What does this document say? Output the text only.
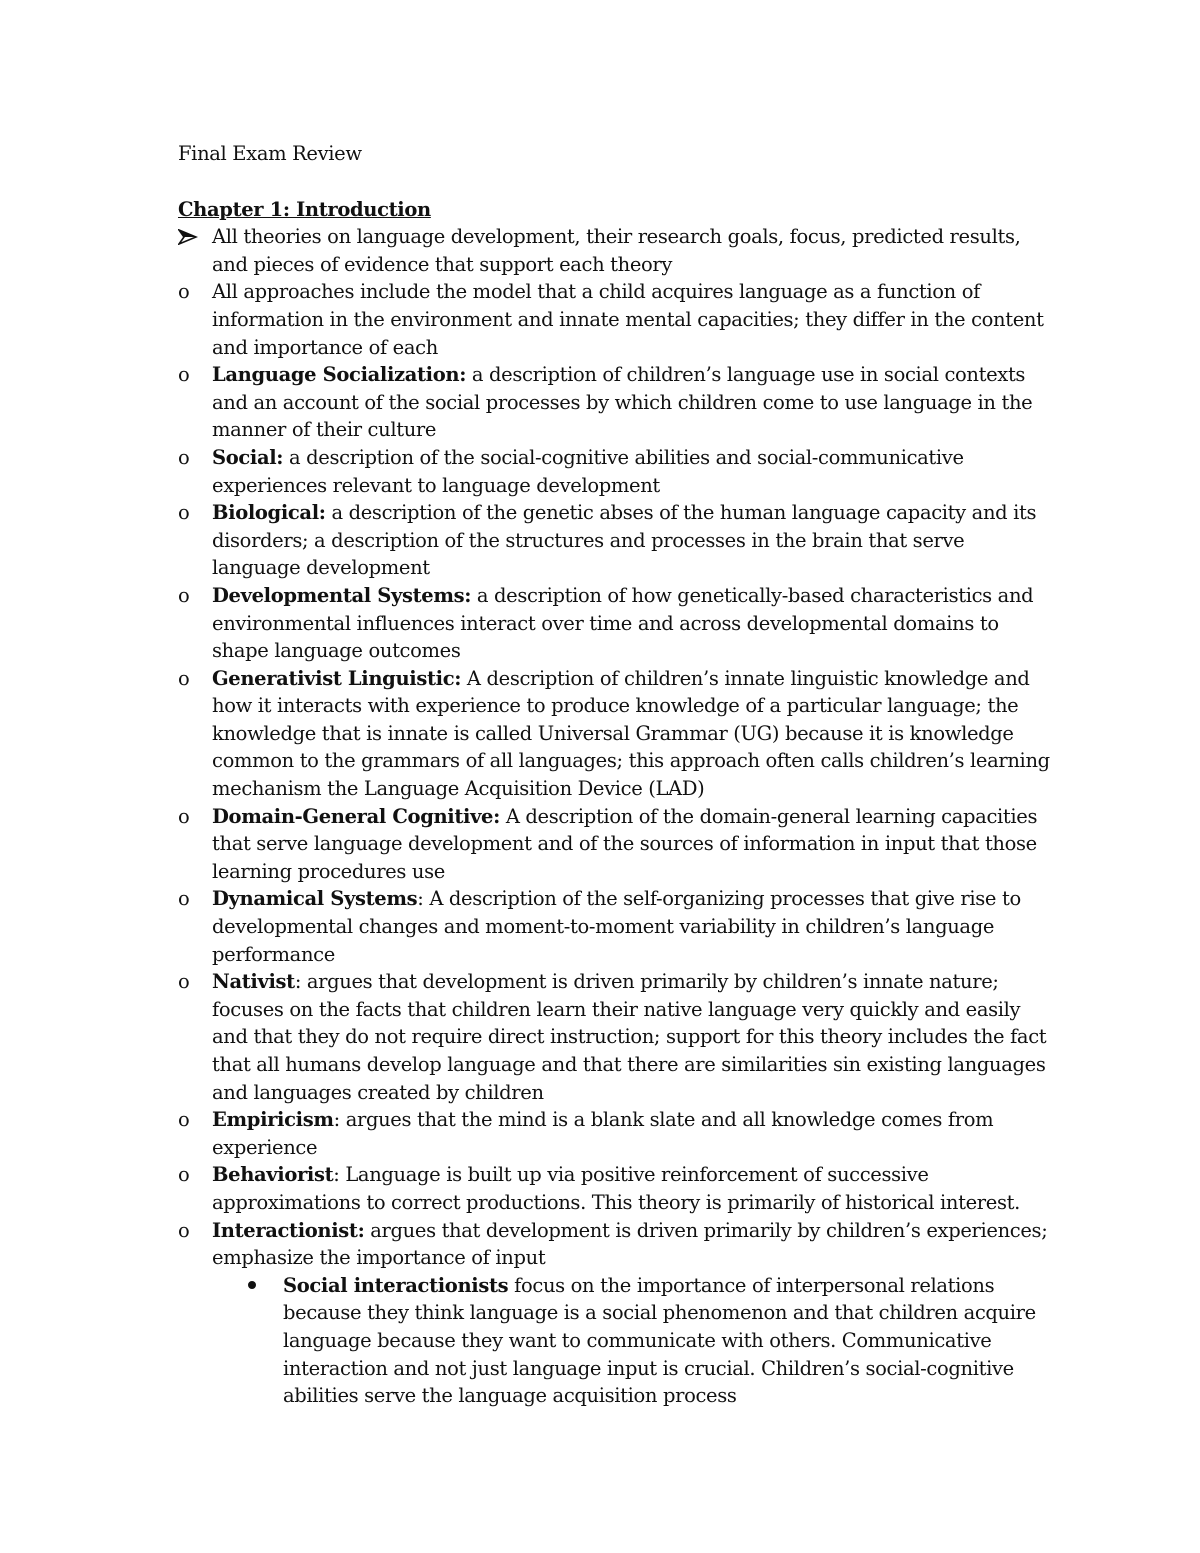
Final Exam Review

Chapter 1: Introduction

All theories on language development, their research goals, focus, predicted results, and pieces of evidence that support each theory
o	All approaches include the model that a child acquires language as a function of information in the environment and innate mental capacities; they differ in the content and importance of each
o	Language Socialization: a description of children’s language use in social contexts and an account of the social processes by which children come to use language in the manner of their culture
o	Social: a description of the social-cognitive abilities and social-communicative experiences relevant to language development
o	Biological: a description of the genetic abses of the human language capacity and its disorders; a description of the structures and processes in the brain that serve language development
o	Developmental Systems: a description of how genetically-based characteristics and environmental influences interact over time and across developmental domains to shape language outcomes
o	Generativist Linguistic: A description of children’s innate linguistic knowledge and how it interacts with experience to produce knowledge of a particular language; the knowledge that is innate is called Universal Grammar (UG) because it is knowledge common to the grammars of all languages; this approach often calls children’s learning mechanism the Language Acquisition Device (LAD)
o	Domain-General Cognitive: A description of the domain-general learning capacities that serve language development and of the sources of information in input that those learning procedures use
o	Dynamical Systems: A description of the self-organizing processes that give rise to developmental changes and moment-to-moment variability in children’s language performance
o	Nativist: argues that development is driven primarily by children’s innate nature; focuses on the facts that children learn their native language very quickly and easily and that they do not require direct instruction; support for this theory includes the fact that all humans develop language and that there are similarities sin existing languages and languages created by children
o	Empiricism: argues that the mind is a blank slate and all knowledge comes from experience
o	Behaviorist: Language is built up via positive reinforcement of successive approximations to correct productions. This theory is primarily of historical interest.
o	Interactionist: argues that development is driven primarily by children’s experiences; emphasize the importance of input
Social interactionists focus on the importance of interpersonal relations because they think language is a social phenomenon and that children acquire language because they want to communicate with others. Communicative interaction and not just language input is crucial. Children’s social-cognitive abilities serve the language acquisition process
